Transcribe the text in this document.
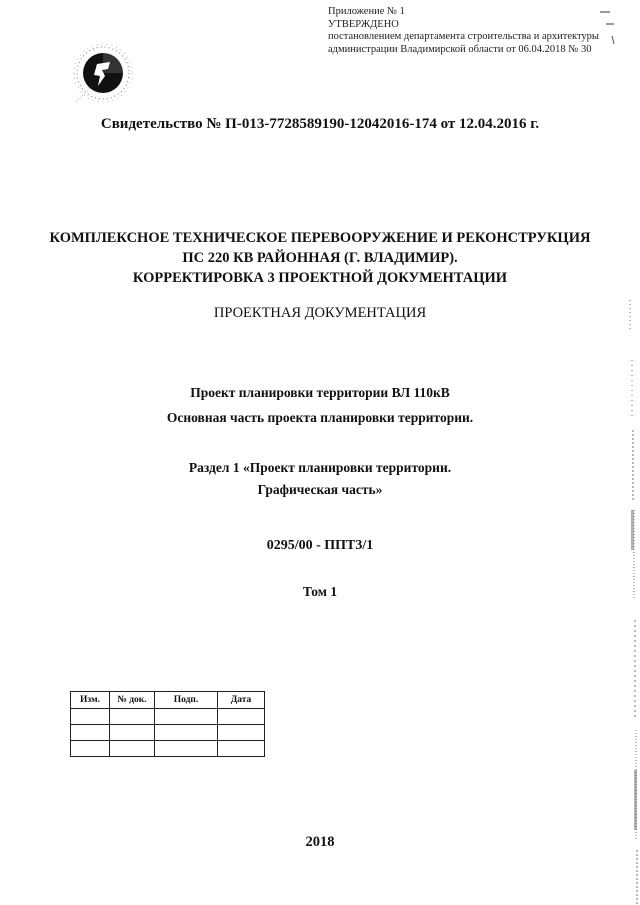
Приложение № 1
УТВЕРЖДЕНО
постановлением департамента строительства и архитектуры
администрации Владимирской области от 06.04.2018 № 30
Свидетельство № П-013-7728589190-12042016-174 от 12.04.2016 г.
КОМПЛЕКСНОЕ ТЕХНИЧЕСКОЕ ПЕРЕВООРУЖЕНИЕ И РЕКОНСТРУКЦИЯ
ПС 220 КВ РАЙОННАЯ (Г. ВЛАДИМИР).
КОРРЕКТИРОВКА 3 ПРОЕКТНОЙ ДОКУМЕНТАЦИИ
ПРОЕКТНАЯ ДОКУМЕНТАЦИЯ
Проект планировки территории ВЛ 110кВ
Основная часть проекта планировки территории.
Раздел 1 «Проект планировки территории.
Графическая часть»
0295/00 - ППТ3/1
Том 1
Изм.	№ док.	Подп.	Дата

2018
